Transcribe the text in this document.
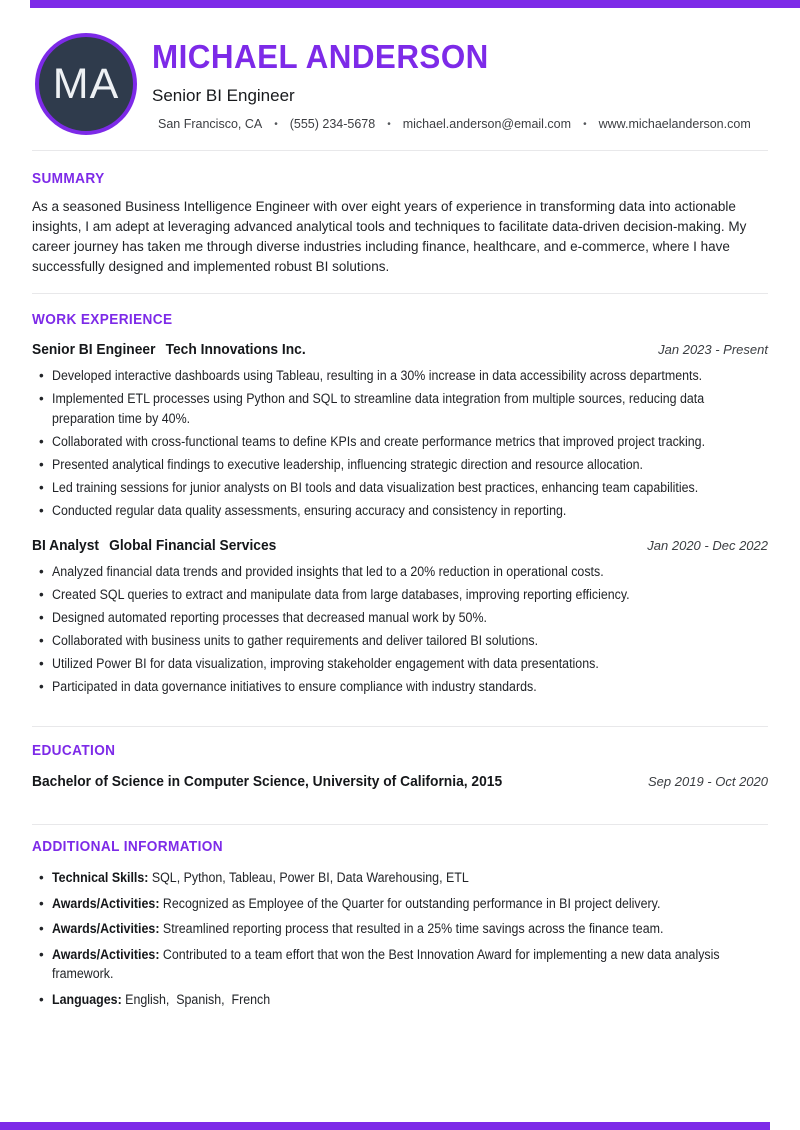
MA
MICHAEL ANDERSON
Senior BI Engineer
San Francisco, CA • (555) 234-5678 • michael.anderson@email.com • www.michaelanderson.com
SUMMARY

As a seasoned Business Intelligence Engineer with over eight years of experience in transforming data into actionable insights, I am adept at leveraging advanced analytical tools and techniques to facilitate data-driven decision-making. My career journey has taken me through diverse industries including finance, healthcare, and e-commerce, where I have successfully designed and implemented robust BI solutions.

WORK EXPERIENCE
Senior BI Engineer Tech Innovations Inc.	Jan 2023 - Present
• Developed interactive dashboards using Tableau, resulting in a 30% increase in data accessibility across departments.
• Implemented ETL processes using Python and SQL to streamline data integration from multiple sources, reducing data preparation time by 40%.
• Collaborated with cross-functional teams to define KPIs and create performance metrics that improved project tracking.
• Presented analytical findings to executive leadership, influencing strategic direction and resource allocation.
• Led training sessions for junior analysts on BI tools and data visualization best practices, enhancing team capabilities.
• Conducted regular data quality assessments, ensuring accuracy and consistency in reporting.
BI Analyst Global Financial Services	Jan 2020 - Dec 2022
• Analyzed financial data trends and provided insights that led to a 20% reduction in operational costs.
• Created SQL queries to extract and manipulate data from large databases, improving reporting efficiency.
• Designed automated reporting processes that decreased manual work by 50%.
• Collaborated with business units to gather requirements and deliver tailored BI solutions.
• Utilized Power BI for data visualization, improving stakeholder engagement with data presentations.
• Participated in data governance initiatives to ensure compliance with industry standards.
EDUCATION
Bachelor of Science in Computer Science, University of California, 2015	Sep 2019 - Oct 2020
ADDITIONAL INFORMATION
• Technical Skills: SQL, Python, Tableau, Power BI, Data Warehousing, ETL
• Awards/Activities: Recognized as Employee of the Quarter for outstanding performance in BI project delivery.
• Awards/Activities: Streamlined reporting process that resulted in a 25% time savings across the finance team.
• Awards/Activities: Contributed to a team effort that won the Best Innovation Award for implementing a new data analysis framework.
• Languages: English,  Spanish,  French
